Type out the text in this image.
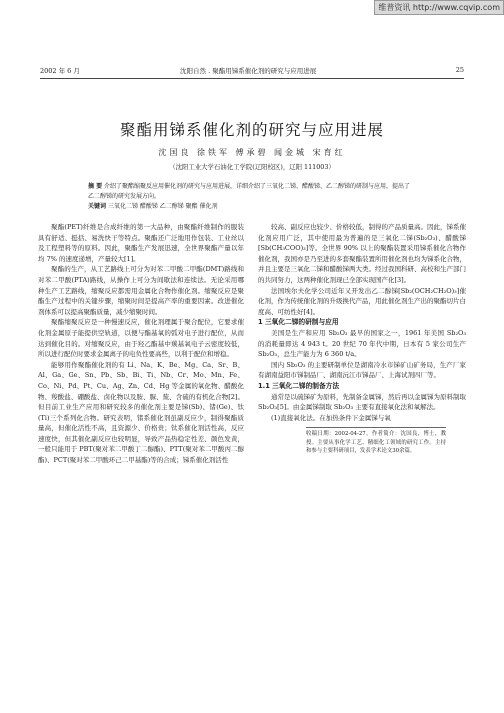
维普资讯 http://www.cqvip.com
2002 年 6 月	沈阳自然 . 聚酯用锑系催化剂的研究与应用进展	25
聚酯用锑系催化剂的研究与应用进展
沈国良 徐铁军 傅承碧 闻金城 宋育红
（沈阳工业大学石油化工学院(辽阳校区)，辽阳 111003）
摘 要 介绍了聚酯缩聚反应用催化剂的研究与应用进展，详细介绍了三氧化二锑、醋酸锑、乙二醇锑的研制与应用，提出了乙二醇锑的研究发展方向。
关键词 三氧化二锑 醋酸锑 乙二醇锑 聚酯 催化剂

聚酯(PET)纤维是合成纤维的第一大品种，由聚酯纤维制作的服装具有舒适、挺括、易洗快干等特点。聚酯还广泛地用作包装、工业丝以及工程塑料等的原料。因此，聚酯生产发展迅速，全世界聚酯产量以年均 7% 的速度递增，产量较大[1]。

聚酯的生产，从工艺路线上可分为对苯二甲酸二甲酯(DMT)路线和对苯二甲酸(PTA)路线，从操作上可分为间歇法和连续法。无论采用哪种生产工艺路线，缩聚反应都需用金属化合物作催化剂。缩聚反应是聚酯生产过程中的关键步骤，缩聚时间是提高产率的重要因素。改进催化剂体系可以提高聚酯质量，减少缩聚时间。

聚酯缩聚反应是一种慢速反应，催化剂理属于聚合配位，它要求催化剂金属原子能提供空轨道，以便与酯基氧的弧对电子进行配位，从而达到催化目的。对缩聚反应，由于羟乙酯基中羰基氧电子云密度较低，所以进行配位时要求金属离子的电负性要高些，以利于配位和增稳。

能够用作聚酯催化剂的有 Li、Na、K、Be、Mg、Ca、Sr、B、Al、Ga、Ge、Sn、Pb、Sb、Bi、Ti、Nb、Cr、Mo、Mn、Fe、Co、Ni、Pd、Pt、Cu、Ag、Zn、Cd、Hg 等金属的氧化物、醋酸化物、羧酸盐、硼酸盐、卤化物以及胺、脲、巯、含硫的有机化合物[2]。但目前工业生产应用和研究较多的催化剂主要是锑(Sb)、锗(Ge)、钛(Ti)三个系列化合物。研究表明，锗系催化剂虽副反应少，制得聚酯质量高，但催化活性不高，且资源少、价格贵；钛系催化剂活性高，反应速度快，但其催化副反应也较明显，导致产品热稳定性差、颜色发黄，一般只能用于 PBT(聚对苯二甲酸丁二醇酯)、PTT(聚对苯二甲酸丙二醇酯)、PCT(聚对苯二甲酸环己二甲基酯)等的合成；锑系催化剂活性

较高、副反应也较少、价格较低，制得的产品质量高。因此，锑系催化剂应用广泛，其中使用最为普遍的是三氧化二锑(Sb₂O₃)、醋酸锑[Sb(CH₃COO)₃]等。全世界 90% 以上的聚酯装置采用锑系催化合物作催化剂，我国亦是乃至进的多套聚酯装置所用催化剂也均为锑系化合物，并且主要是三氧化二锑和醋酸锑两大类。经过我国科研、高校和生产部门的共同努力，这两种催化剂现已全部实现国产化[3]。

法国埃尔夫化学公司近年又开发出乙二醇锑[Sb₂(OCH₂CH₂O)₃]催化剂，作为传统催化剂的升级换代产品，用此催化剂生产出的聚酯切片白度高、可纺性好[4]。

1 三氧化二锑的研制与应用

美国是生产和应用 Sb₂O₃ 最早的国家之一，1961 年美国 Sb₂O₃ 的消耗量即达 4 943 t。20 世纪 70 年代中期，日本有 5 家公司生产 Sb₂O₃，总生产能力为 6 360 t/a。

国内 Sb₂O₃ 的主要研制单位是湖南冷水市锑矿山矿务局，生产厂家有湖南益阳市锑制品厂、湖南沅江市锑品厂、上海试剂四厂等。

1.1 三氧化二锑的制备方法

通常是以硫锑矿为原料，先制备金属锑，然后再以金属锑为原料制取 Sb₂O₃[5]。由金属锑制取 Sb₂O₃ 主要有直接氧化法和氧解法。

(1)直接氧化法。在加热条件下金属锑与氧

收稿日期：2002-04-27。作者简介：沈国良，博士，教授。主要从事化学工艺、精细化工领域的研究工作。主持和参与主要科研项目，发表学术论文30余篇。
